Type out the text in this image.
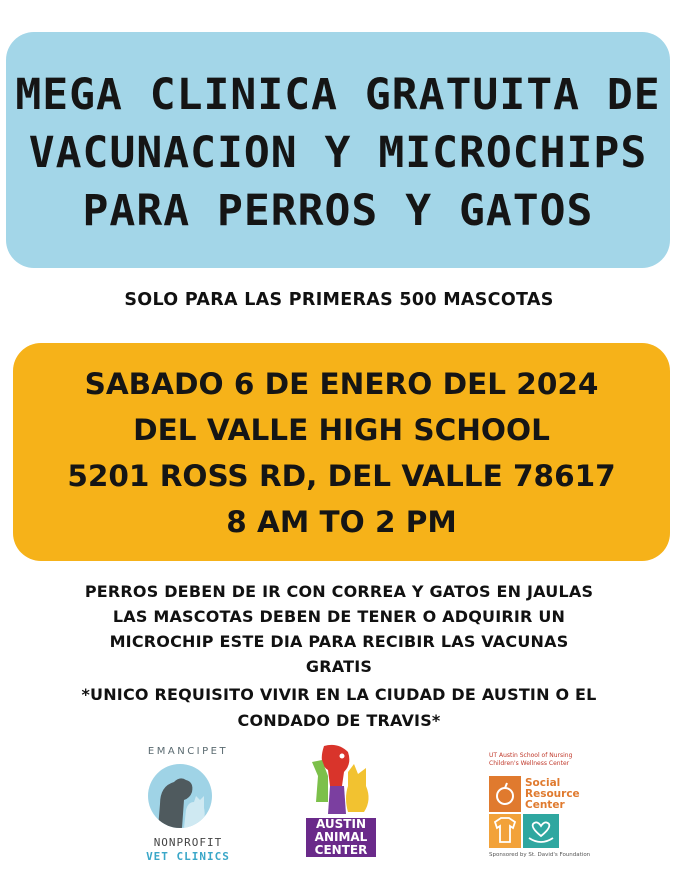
MEGA CLINICA GRATUITA DE
VACUNACION Y MICROCHIPS
PARA PERROS Y GATOS
SOLO PARA LAS PRIMERAS 500 MASCOTAS
SABADO 6 DE ENERO DEL 2024
DEL VALLE HIGH SCHOOL
5201 ROSS RD, DEL VALLE 78617
8 AM TO 2 PM
PERROS DEBEN DE IR CON CORREA Y GATOS EN JAULAS
LAS MASCOTAS DEBEN DE TENER O ADQUIRIR UN
MICROCHIP ESTE DIA PARA RECIBIR LAS VACUNAS
GRATIS
*UNICO REQUISITO VIVIR EN LA CIUDAD DE AUSTIN O EL
CONDADO DE TRAVIS*
EMANCIPET
NONPROFIT
VET CLINICS
AUSTIN
ANIMAL
CENTER
UT Austin School of Nursing
Children's Wellness Center
Social
Resource
Center
Sponsored by St. David's Foundation
